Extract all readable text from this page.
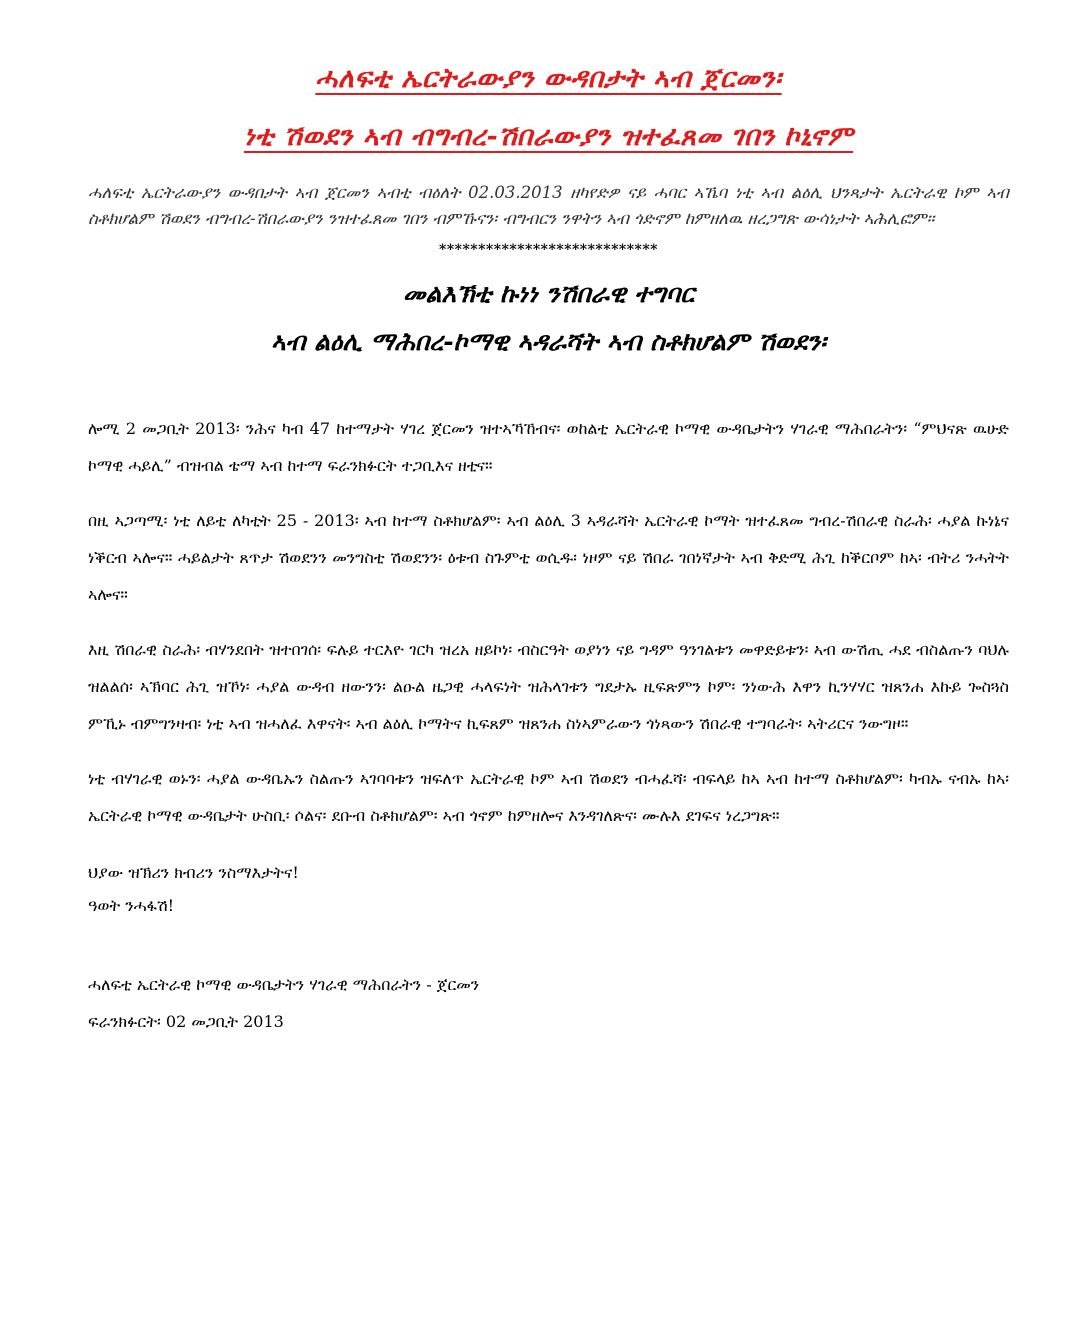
ሓለፍቲ ኤርትራውያን ውዳበታት ኣብ ጀርመን፡
ነቲ ሽወደን ኣብ ብግብረ-ሽበራውያን ዝተፈጸመ ገበን ኮኒኖም

ሓለፍቲ ኤርትራውያን ውዳበታት ኣብ ጀርመን ኣብቲ ብዕለት 02.03.2013 ዘካየድዎ ናይ ሓባር ኣኼባ ነቲ ኣብ ልዕሊ ህንጻታት ኤርትራዊ ኮም ኣብ ስቶክሆልም ሽወደን ብግብረ-ሽበራውያን ንዝተፈጸመ ገበን ብምኹናን፡ ብግብርን ንዋትን ኣብ ጎድኖም ከምዘለዉ ዘረጋግጽ ውሳነታት ኣሕሊፎም።

****************************
መልእኽቲ ኩነነ ንሽበራዊ ተግባር
ኣብ ልዕሊ ማሕበረ-ኮማዊ ኣዳራሻት ኣብ ስቶክሆልም ሽወደን፡

ሎሚ 2 መጋቢት 2013፡ ንሕና ካብ 47 ከተማታት ሃገረ ጀርመን ዝተኣኻኸብና፡ ወከልቲ ኤርትራዊ ኮማዊ ውዳቤታትን ሃገራዊ ማሕበራትን፡ “ምህናጽ ዉሁድ ኮማዊ ሓይሊ” ብዝብል ቴማ ኣብ ከተማ ፍራንክፉርት ተጋቢእና ዘቲና።

በዚ ኣጋጣሚ፡ ነቲ ለይቲ ለካቲት 25 - 2013፡ ኣብ ከተማ ስቶክሆልም፡ ኣብ ልዕሊ 3 ኣዳራሻት ኤርትራዊ ኮማት ዝተፈጸመ ግብረ-ሽበራዊ ስራሕ፡ ሓያል ኩነኔና ነቕርብ ኣሎና። ሓይልታት ጸጥታ ሽወደንን መንግስቲ ሽወደንን፡ ዕቱብ ስጉምቲ ወሲዱ፡ ነዞም ናይ ሽበራ ገበነኛታት ኣብ ቅድሚ ሕጊ ከቕርቦም ከኣ፡ ብትሪ ንሓትት ኣሎና።

እዚ ሽበራዊ ስራሕ፡ ብሃንደበት ዝተበገሰ፡ ፍሉይ ተርእዮ ገርካ ዝረአ ዘይኮነ፡ ብስርዓት ወያነን ናይ ግዳም ዓንገልቱን መዋድይቱን፡ ኣብ ውሽጢ ሓደ ብስልጡን ባህሉ ዝልልሰ፡ ኣኽባር ሕጊ ዝኾነ፡ ሓያል ውዳብ ዘውንን፡ ልዑል ዜጋዊ ሓላፍነት ዝሕላገቱን ግደታኡ ዚፍጽምን ኮም፡ ንነውሕ እዋን ኪንሃሃር ዝጸንሐ እኩይ ጐስጓስ ምኺኑ ብምግንዛብ፡ ነቲ ኣብ ዝሓለፈ እዋናት፡ ኣብ ልዕሊ ኮማትና ኪፍጸም ዝጸንሐ ስነኣምራውን ጎነጻውን ሽበራዊ ተግባራት፡ ኣትሪርና ንውግዞ።

ነቲ ብሃገራዊ ወኑን፡ ሓያል ውዳቤኡን ስልጡን ኣገባባቱን ዝፍለጥ ኤርትራዊ ኮም ኣብ ሽወደን ብሓፈሻ፡ ብፍላይ ከኣ ኣብ ከተማ ስቶክሆልም፡ ካብኡ ናብኡ ከኣ፡ ኤርትራዊ ኮማዊ ውዳቤታት ሁስቢ፡ ሶልና፡ ደቡብ ስቶክሆልም፡ ኣብ ጎኖም ከምዘሎና እንዳገለጽና፡ ሙሉእ ደገፍና ነረጋግጽ።

ህያው ዝኽሪን ክብሪን ንስማእታትና!
ዓወት ንሓፋሽ!
ሓለፍቲ ኤርትራዊ ኮማዊ ውዳቤታትን ሃገራዊ ማሕበራትን - ጀርመን
ፍራንክፉርት፡ 02 መጋቢት 2013
